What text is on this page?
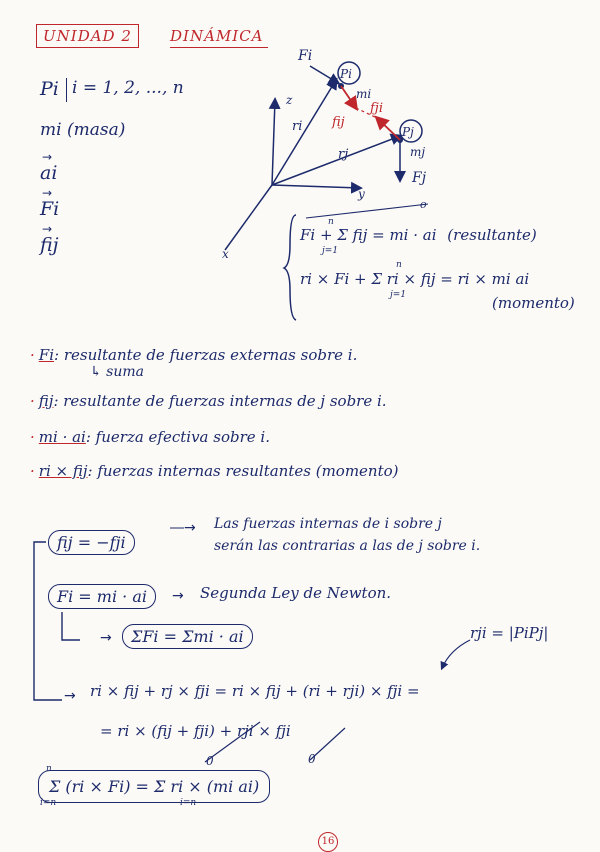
UNIDAD 2	DINÁMICA
Pi i = 1, 2, ..., n
mi (masa)
→
ai
→
Fi
→
fij
Fi
Pi
mi
fij
fji
Pj
mj
Fj
ri
rj
z
y
x
Fi + Σ fij = mi · ai (resultante)
n
j=1
o
ri × Fi + Σ ri × fij = ri × mi ai
n
j=1	(momento)
· Fi: resultante de fuerzas externas sobre i.
↳ suma
· fij: resultante de fuerzas internas de j sobre i.
· mi · ai: fuerza efectiva sobre i.
· ri × fij: fuerzas internas resultantes (momento)
fij = −fji
―→ Las fuerzas internas de i sobre j
serán las contrarias a las de j sobre i.
Fi = mi · ai	→ Segunda Ley de Newton.
→	ΣFi = Σmi · ai	rji = |PiPj|
→ ri × fij + rj × fji = ri × fij + (ri + rji) × fji =
= ri × (fij + fji) + rji × fji
0	0
Σ (ri × Fi) = Σ ri × (mi ai)
n
i=n	i=n
16
